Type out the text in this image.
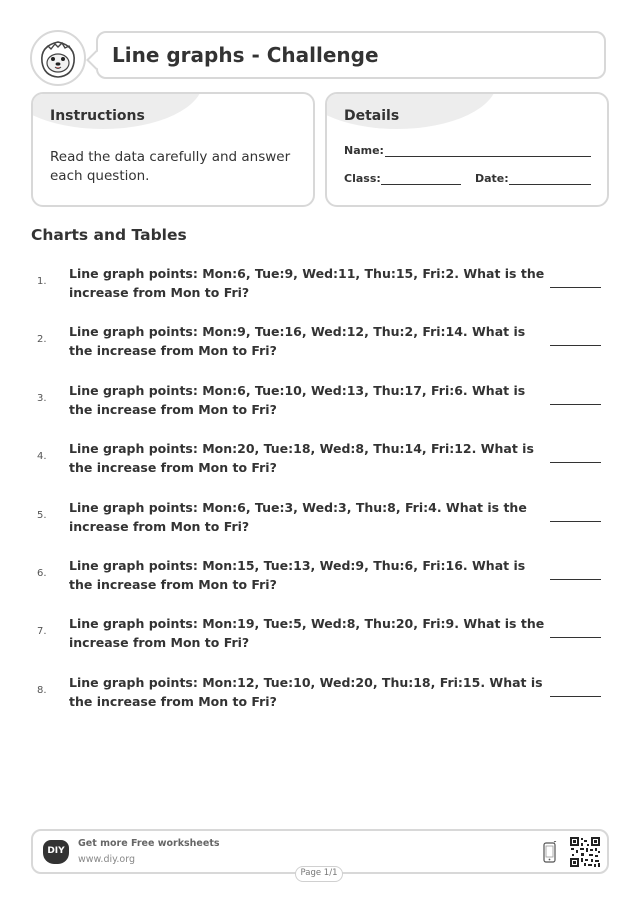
Line graphs - Challenge
Instructions
Read the data carefully and answer each question.
Details
Name:
Class:	Date:
Charts and Tables
1.
Line graph points: Mon:6, Tue:9, Wed:11, Thu:15, Fri:2. What is the increase from Mon to Fri?
2.
Line graph points: Mon:9, Tue:16, Wed:12, Thu:2, Fri:14. What is the increase from Mon to Fri?
3.
Line graph points: Mon:6, Tue:10, Wed:13, Thu:17, Fri:6. What is the increase from Mon to Fri?
4.
Line graph points: Mon:20, Tue:18, Wed:8, Thu:14, Fri:12. What is the increase from Mon to Fri?
5.
Line graph points: Mon:6, Tue:3, Wed:3, Thu:8, Fri:4. What is the increase from Mon to Fri?
6.
Line graph points: Mon:15, Tue:13, Wed:9, Thu:6, Fri:16. What is the increase from Mon to Fri?
7.
Line graph points: Mon:19, Tue:5, Wed:8, Thu:20, Fri:9. What is the increase from Mon to Fri?
8.
Line graph points: Mon:12, Tue:10, Wed:20, Thu:18, Fri:15. What is the increase from Mon to Fri?
DIY
Get more Free worksheets
www.diy.org
Page 1/1
